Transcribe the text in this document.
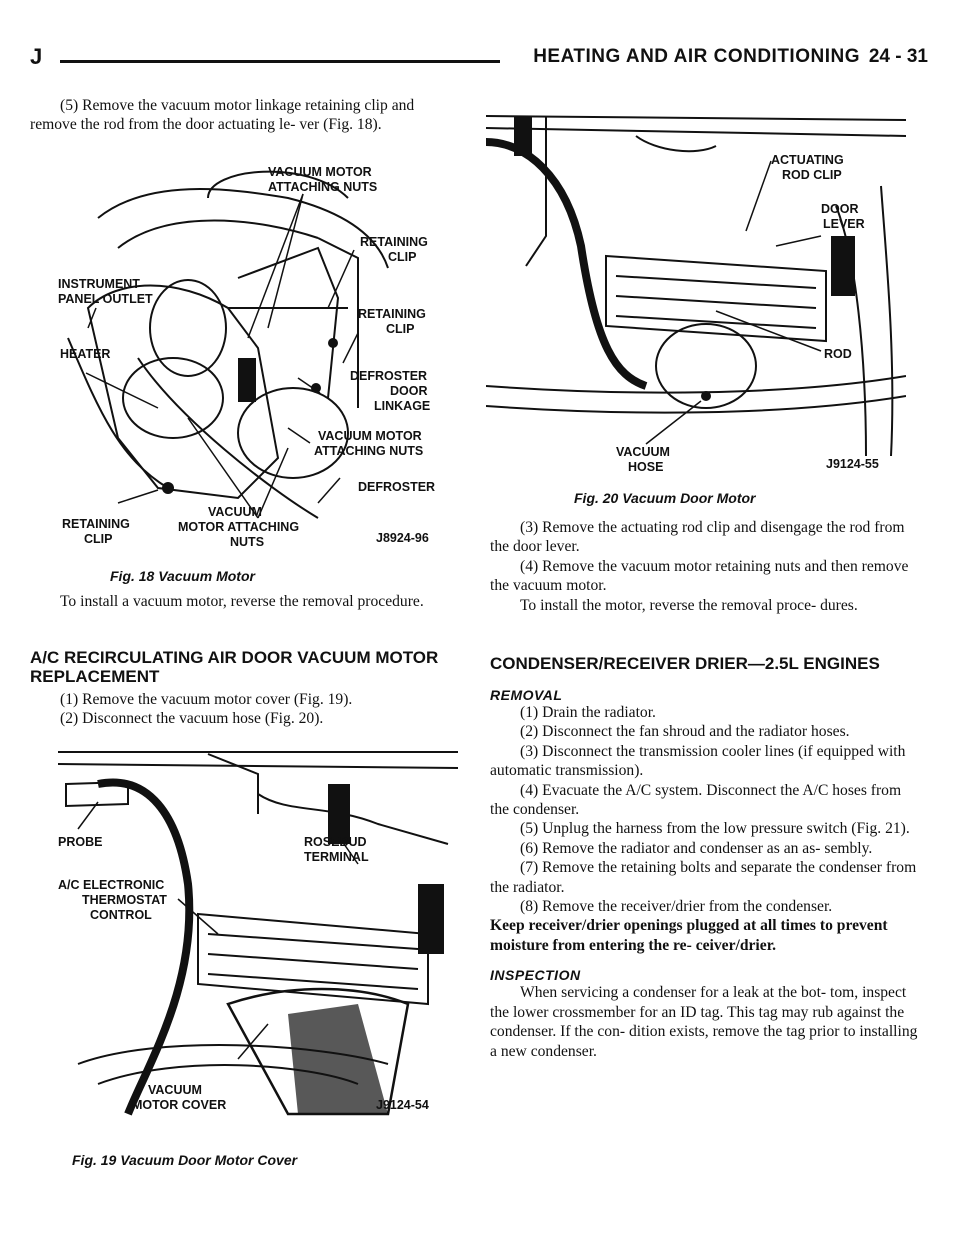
J	HEATING AND AIR CONDITIONING 24 - 31

(5) Remove the vacuum motor linkage retaining clip and remove the rod from the door actuating le- ver (Fig. 18).

VACUUM MOTOR
ATTACHING NUTS
RETAINING
CLIP
INSTRUMENT
PANEL OUTLET
RETAINING
CLIP
HEATER
DEFROSTER
DOOR
LINKAGE
VACUUM MOTOR
ATTACHING NUTS
DEFROSTER
RETAINING
CLIP
VACUUM
MOTOR ATTACHING
NUTS	J8924-96
Fig. 18 Vacuum Motor

To install a vacuum motor, reverse the removal procedure.

A/C RECIRCULATING AIR DOOR VACUUM MOTOR REPLACEMENT

(1) Remove the vacuum motor cover (Fig. 19).

(2) Disconnect the vacuum hose (Fig. 20).

ROSEBUD
TERMINAL
PROBE
A/C ELECTRONIC
THERMOSTAT
CONTROL
VACUUM
MOTOR COVER	J9124-54
Fig. 19 Vacuum Door Motor Cover
ACTUATING
ROD CLIP
DOOR
LEVER
ROD
VACUUM
HOSE	J9124-55
Fig. 20 Vacuum Door Motor

(3) Remove the actuating rod clip and disengage the rod from the door lever.

(4) Remove the vacuum motor retaining nuts and then remove the vacuum motor.

To install the motor, reverse the removal proce- dures.

CONDENSER/RECEIVER DRIER—2.5L ENGINES
REMOVAL

(1) Drain the radiator.

(2) Disconnect the fan shroud and the radiator hoses.

(3) Disconnect the transmission cooler lines (if equipped with automatic transmission).

(4) Evacuate the A/C system. Disconnect the A/C hoses from the condenser.

(5) Unplug the harness from the low pressure switch (Fig. 21).

(6) Remove the radiator and condenser as an as- sembly.

(7) Remove the retaining bolts and separate the condenser from the radiator.

(8) Remove the receiver/drier from the condenser.

Keep receiver/drier openings plugged at all times to prevent moisture from entering the re- ceiver/drier.

INSPECTION

When servicing a condenser for a leak at the bot- tom, inspect the lower crossmember for an ID tag. This tag may rub against the condenser. If the con- dition exists, remove the tag prior to installing a new condenser.
